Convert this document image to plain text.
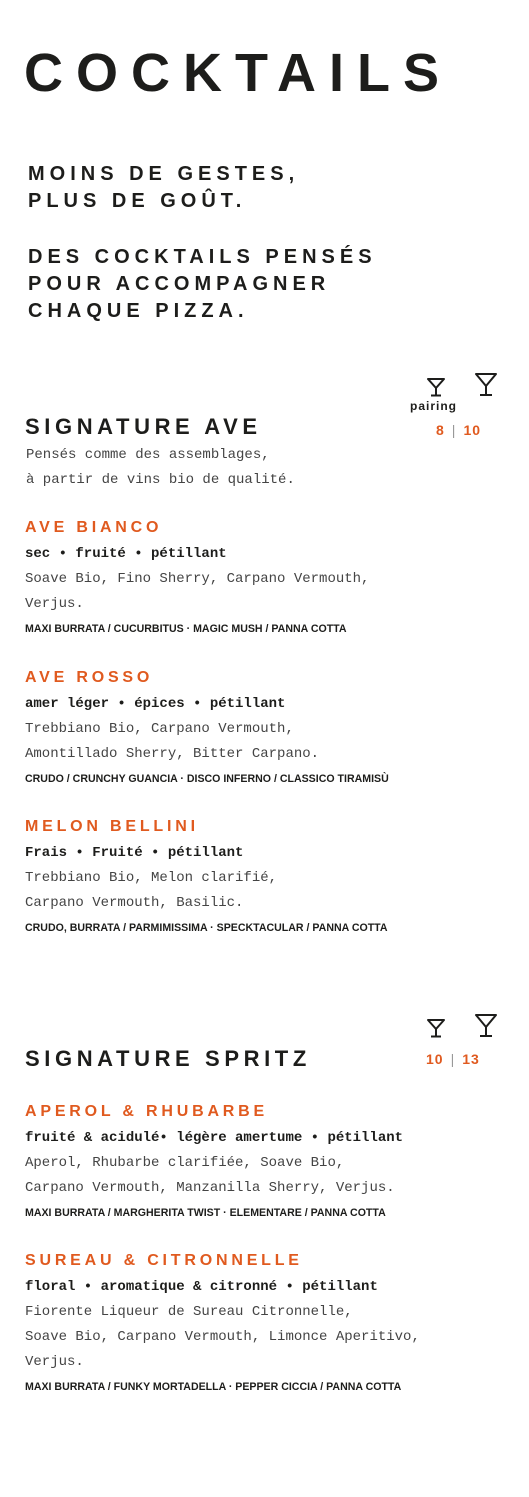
COCKTAILS
MOINS DE GESTES,
PLUS DE GOÛT.
DES COCKTAILS PENSÉS
POUR ACCOMPAGNER
CHAQUE PIZZA.
pairing
8 | 10
SIGNATURE AVE
Pensés comme des assemblages,
à partir de vins bio de qualité.
AVE BIANCO
sec • fruité • pétillant
Soave Bio, Fino Sherry, Carpano Vermouth,
Verjus.
MAXI BURRATA / CUCURBITUS · MAGIC MUSH / PANNA COTTA
AVE ROSSO
amer léger • épices • pétillant
Trebbiano Bio, Carpano Vermouth,
Amontillado Sherry, Bitter Carpano.
CRUDO / CRUNCHY GUANCIA · DISCO INFERNO / CLASSICO TIRAMISÙ
MELON BELLINI
Frais • Fruité • pétillant
Trebbiano Bio, Melon clarifié,
Carpano Vermouth, Basilic.
CRUDO, BURRATA / PARMIMISSIMA · SPECKTACULAR / PANNA COTTA
10 | 13
SIGNATURE SPRITZ
APEROL & RHUBARBE
fruité & acidulé• légère amertume • pétillant
Aperol, Rhubarbe clarifiée, Soave Bio,
Carpano Vermouth, Manzanilla Sherry, Verjus.
MAXI BURRATA / MARGHERITA TWIST · ELEMENTARE / PANNA COTTA
SUREAU & CITRONNELLE
floral • aromatique & citronné • pétillant
Fiorente Liqueur de Sureau Citronnelle,
Soave Bio, Carpano Vermouth, Limonce Aperitivo,
Verjus.
MAXI BURRATA / FUNKY MORTADELLA · PEPPER CICCIA / PANNA COTTA
